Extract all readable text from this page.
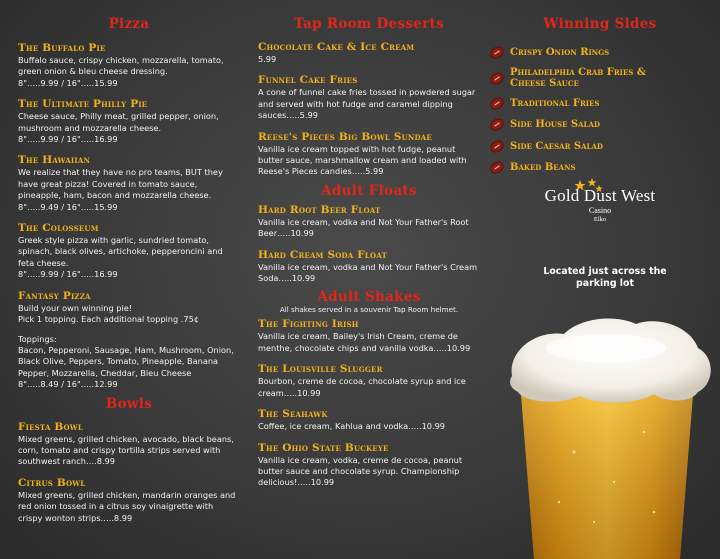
Pizza

The Buffalo Pie

Buffalo sauce, crispy chicken, mozzarella, tomato, green onion & bleu cheese dressing.

8"…..9.99 / 16"…..15.99

The Ultimate Philly Pie

Cheese sauce, Philly meat, grilled pepper, onion, mushroom and mozzarella cheese.

8"…..9.99 / 16"…..16.99

The Hawaiian

We realize that they have no pro teams, BUT they have great pizza! Covered in tomato sauce, pineapple, ham, bacon and mozzarella cheese.

8"…..9.49 / 16"…..15.99

The Colosseum

Greek style pizza with garlic, sundried tomato, spinach, black olives, artichoke, pepperoncini and feta cheese.

8"…..9.99 / 16"…..16.99

Fantasy Pizza

Build your own winning pie!
Pick 1 topping. Each additional topping .75¢

Toppings:

Bacon, Pepperoni, Sausage, Ham, Mushroom, Onion, Black Olive, Peppers, Tomato, Pineapple, Banana Pepper, Mozzarella, Cheddar, Bleu Cheese

8"…..8.49 / 16"…..12.99

Bowls

Fiesta Bowl

Mixed greens, grilled chicken, avocado, black beans, corn, tomato and crispy tortilla strips served with southwest ranch….8.99

Citrus Bowl

Mixed greens, grilled chicken, mandarin oranges and red onion tossed in a citrus soy vinaigrette with crispy wonton strips…..8.99

Tap Room Desserts

Chocolate Cake & Ice Cream

5.99

Funnel Cake Fries

A cone of funnel cake fries tossed in powdered sugar and served with hot fudge and caramel dipping sauces…..5.99

Reese's Pieces Big Bowl Sundae

Vanilla ice cream topped with hot fudge, peanut butter sauce, marshmallow cream and loaded with Reese's Pieces candies…..5.99

Adult Floats

Hard Root Beer Float

Vanilla ice cream, vodka and Not Your Father's Root Beer…..10.99

Hard Cream Soda Float

Vanilla ice cream, vodka and Not Your Father's Cream Soda…..10.99

Adult Shakes

All shakes served in a souvenir Tap Room helmet.

The Fighting Irish

Vanilla ice cream, Bailey's Irish Cream, creme de menthe, chocolate chips and vanilla vodka…..10.99

The Louisville Slugger

Bourbon, creme de cocoa, chocolate syrup and ice cream…..10.99

The Seahawk

Coffee, ice cream, Kahlua and vodka…..10.99

The Ohio State Buckeye

Vanilla ice cream, vodka, creme de cocoa, peanut butter sauce and chocolate syrup. Championship delicious!…..10.99

Winning Sides
Crispy Onion Rings
Philadelphia Crab Fries & Cheese Sauce
Traditional Fries
Side House Salad
Side Caesar Salad
Baked Beans
Gold Dust West
Casino
Elko
Located just across the parking lot
